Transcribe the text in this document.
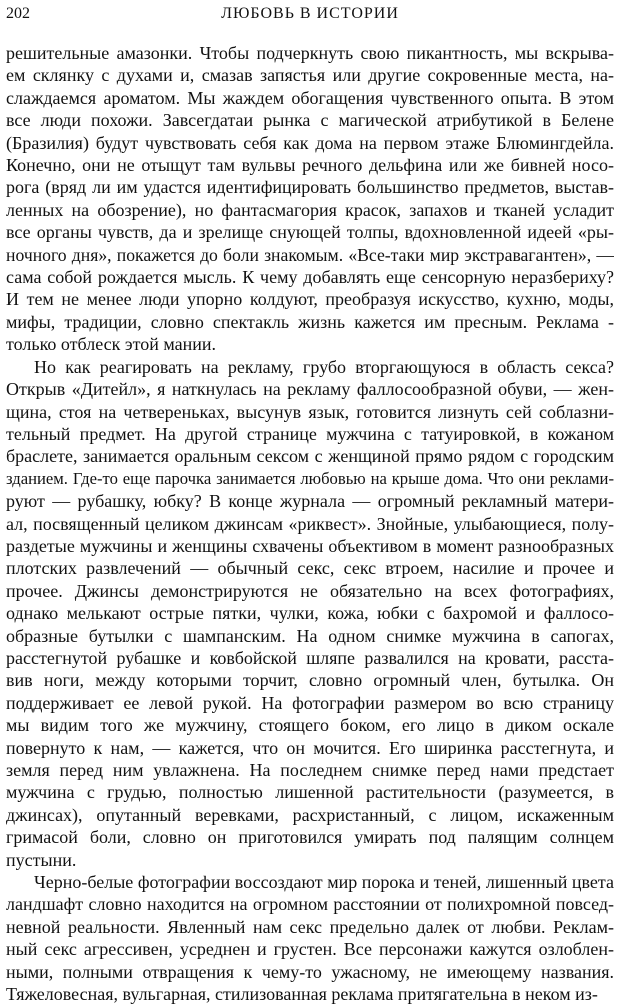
202	ЛЮБОВЬ В ИСТОРИИ

решительные амазонки. Чтобы подчеркнуть свою пикантность, мы вскрыва-
ем склянку с духами и, смазав запястья или другие сокровенные места, на-
слаждаемся ароматом. Мы жаждем обогащения чувственного опыта. В этом
все люди похожи. Завсегдатаи рынка с магической атрибутикой в Белене
(Бразилия) будут чувствовать себя как дома на первом этаже Блюмингдейла.
Конечно, они не отыщут там вульвы речного дельфина или же бивней носо-
рога (вряд ли им удастся идентифицировать большинство предметов, выстав-
ленных на обозрение), но фантасмагория красок, запахов и тканей усладит
все органы чувств, да и зрелище снующей толпы, вдохновленной идеей «ры-
ночного дня», покажется до боли знакомым. «Все-таки мир экстравагантен», —
сама собой рождается мысль. К чему добавлять еще сенсорную неразбериху?
И тем не менее люди упорно колдуют, преобразуя искусство, кухню, моды,
мифы, традиции, словно спектакль жизнь кажется им пресным. Реклама -
только отблеск этой мании.

Но как реагировать на рекламу, грубо вторгающуюся в область секса?
Открыв «Дитейл», я наткнулась на рекламу фаллосообразной обуви, — жен-
щина, стоя на четвереньках, высунув язык, готовится лизнуть сей соблазни-
тельный предмет. На другой странице мужчина с татуировкой, в кожаном
браслете, занимается оральным сексом с женщиной прямо рядом с городским
зданием. Где-то еще парочка занимается любовью на крыше дома. Что они реклами-
руют — рубашку, юбку? В конце журнала — огромный рекламный матери-
ал, посвященный целиком джинсам «риквест». Знойные, улыбающиеся, полу-
раздетые мужчины и женщины схвачены объективом в момент разнообразных
плотских развлечений — обычный секс, секс втроем, насилие и прочее и
прочее. Джинсы демонстрируются не обязательно на всех фотографиях,
однако мелькают острые пятки, чулки, кожа, юбки с бахромой и фаллосо-
образные бутылки с шампанским. На одном снимке мужчина в сапогах,
расстегнутой рубашке и ковбойской шляпе развалился на кровати, расста-
вив ноги, между которыми торчит, словно огромный член, бутылка. Он
поддерживает ее левой рукой. На фотографии размером во всю страницу
мы видим того же мужчину, стоящего боком, его лицо в диком оскале
повернуто к нам, — кажется, что он мочится. Его ширинка расстегнута, и
земля перед ним увлажнена. На последнем снимке перед нами предстает
мужчина с грудью, полностью лишенной растительности (разумеется, в
джинсах), опутанный веревками, расхристанный, с лицом, искаженным
гримасой боли, словно он приготовился умирать под палящим солнцем
пустыни.

Черно-белые фотографии воссоздают мир порока и теней, лишенный цвета
ландшафт словно находится на огромном расстоянии от полихромной повсед-
невной реальности. Явленный нам секс предельно далек от любви. Реклам-
ный секс агрессивен, усреднен и грустен. Все персонажи кажутся озлоблен-
ными, полными отвращения к чему-то ужасному, не имеющему названия.
Тяжеловесная, вульгарная, стилизованная реклама притягательна в неком из-
